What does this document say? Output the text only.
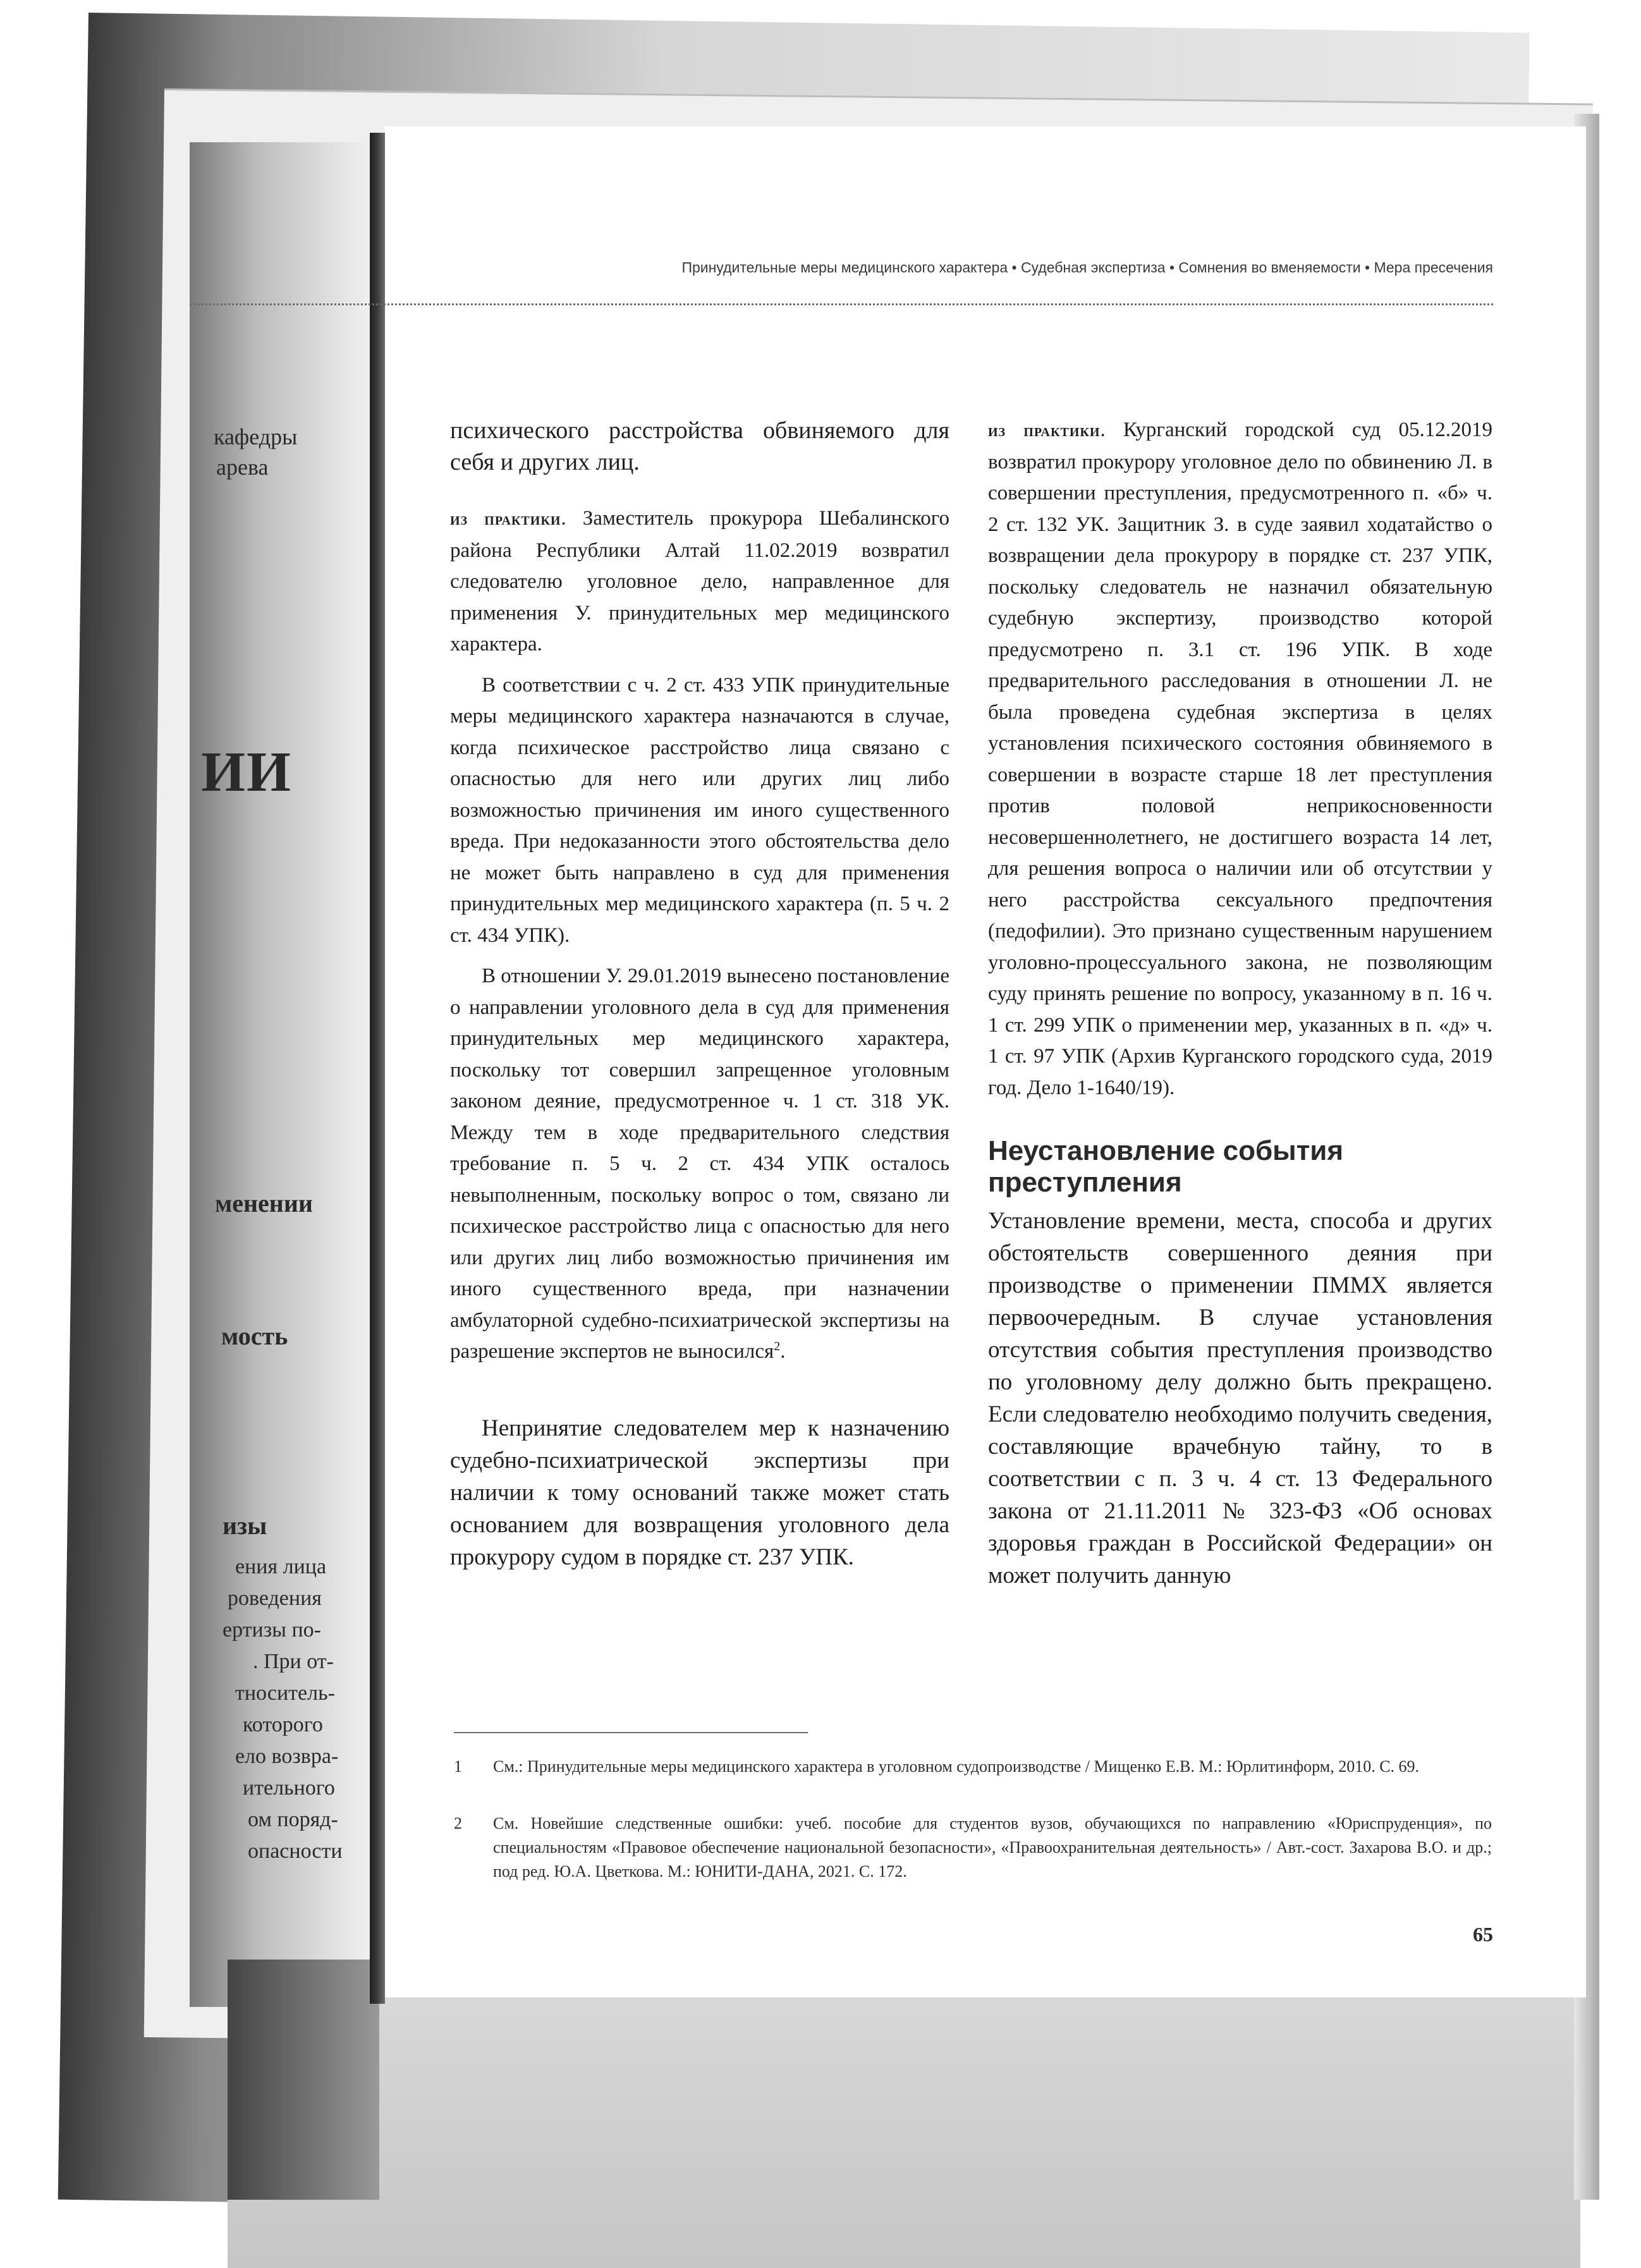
кафедры
арева
ИИ
менении
мость
изы
ения лица
роведения
ертизы по-
. При от-
тноситель-
которого
ело возвра-
ительного
ом поряд-
опасности
Принудительные меры медицинского характера • Судебная экспертиза • Сомнения во вменяемости • Мера пресечения

психического расстройства обвиняемого для себя и других лиц.

из практики. Заместитель прокурора Шебалинского района Республики Алтай 11.02.2019 возвратил следователю уголовное дело, направленное для применения У. принудительных мер медицинского характера.

В соответствии с ч. 2 ст. 433 УПК принудительные меры медицинского характера назначаются в случае, когда психическое расстройство лица связано с опасностью для него или других лиц либо возможностью причинения им иного существенного вреда. При недоказанности этого обстоятельства дело не может быть направлено в суд для применения принудительных мер медицинского характера (п. 5 ч. 2 ст. 434 УПК).

В отношении У. 29.01.2019 вынесено постановление о направлении уголовного дела в суд для применения принудительных мер медицинского характера, поскольку тот совершил запрещенное уголовным законом деяние, предусмотренное ч. 1 ст. 318 УК. Между тем в ходе предварительного следствия требование п. 5 ч. 2 ст. 434 УПК осталось невыполненным, поскольку вопрос о том, связано ли психическое расстройство лица с опасностью для него или других лиц либо возможностью причинения им иного существенного вреда, при назначении амбулаторной судебно-психиатрической экспертизы на разрешение экспертов не выносился$^2$.

Непринятие следователем мер к назначению судебно-психиатрической экспертизы при наличии к тому оснований также может стать основанием для возвращения уголовного дела прокурору судом в порядке ст. 237 УПК.

из практики. Курганский городской суд 05.12.2019 возвратил прокурору уголовное дело по обвинению Л. в совершении преступления, предусмотренного п. «б» ч. 2 ст. 132 УК. Защитник З. в суде заявил ходатайство о возвращении дела прокурору в порядке ст. 237 УПК, поскольку следователь не назначил обязательную судебную экспертизу, производство которой предусмотрено п. 3.1 ст. 196 УПК. В ходе предварительного расследования в отношении Л. не была проведена судебная экспертиза в целях установления психического состояния обвиняемого в совершении в возрасте старше 18 лет преступления против половой неприкосновенности несовершеннолетнего, не достигшего возраста 14 лет, для решения вопроса о наличии или об отсутствии у него расстройства сексуального предпочтения (педофилии). Это признано существенным нарушением уголовно-процессуального закона, не позволяющим суду принять решение по вопросу, указанному в п. 16 ч. 1 ст. 299 УПК о применении мер, указанных в п. «д» ч. 1 ст. 97 УПК (Архив Курганского городского суда, 2019 год. Дело 1-1640/19).

Неустановление события преступления

Установление времени, места, способа и других обстоятельств совершенного деяния при производстве о применении ПММХ является первоочередным. В случае установления отсутствия события преступления производство по уголовному делу должно быть прекращено. Если следователю необходимо получить сведения, составляющие врачебную тайну, то в соответствии с п. 3 ч. 4 ст. 13 Федерального закона от 21.11.2011 № 323-ФЗ «Об основах здоровья граждан в Российской Федерации» он может получить данную

1	См.: Принудительные меры медицинского характера в уголовном судопроизводстве / Мищенко Е.В. М.: Юрлитинформ, 2010. С. 69.
2	См. Новейшие следственные ошибки: учеб. пособие для студентов вузов, обучающихся по направлению «Юриспруденция», по специальностям «Правовое обеспечение национальной безопасности», «Правоохранительная деятельность» / Авт.-сост. Захарова В.О. и др.; под ред. Ю.А. Цветкова. М.: ЮНИТИ-ДАНА, 2021. С. 172.
65
